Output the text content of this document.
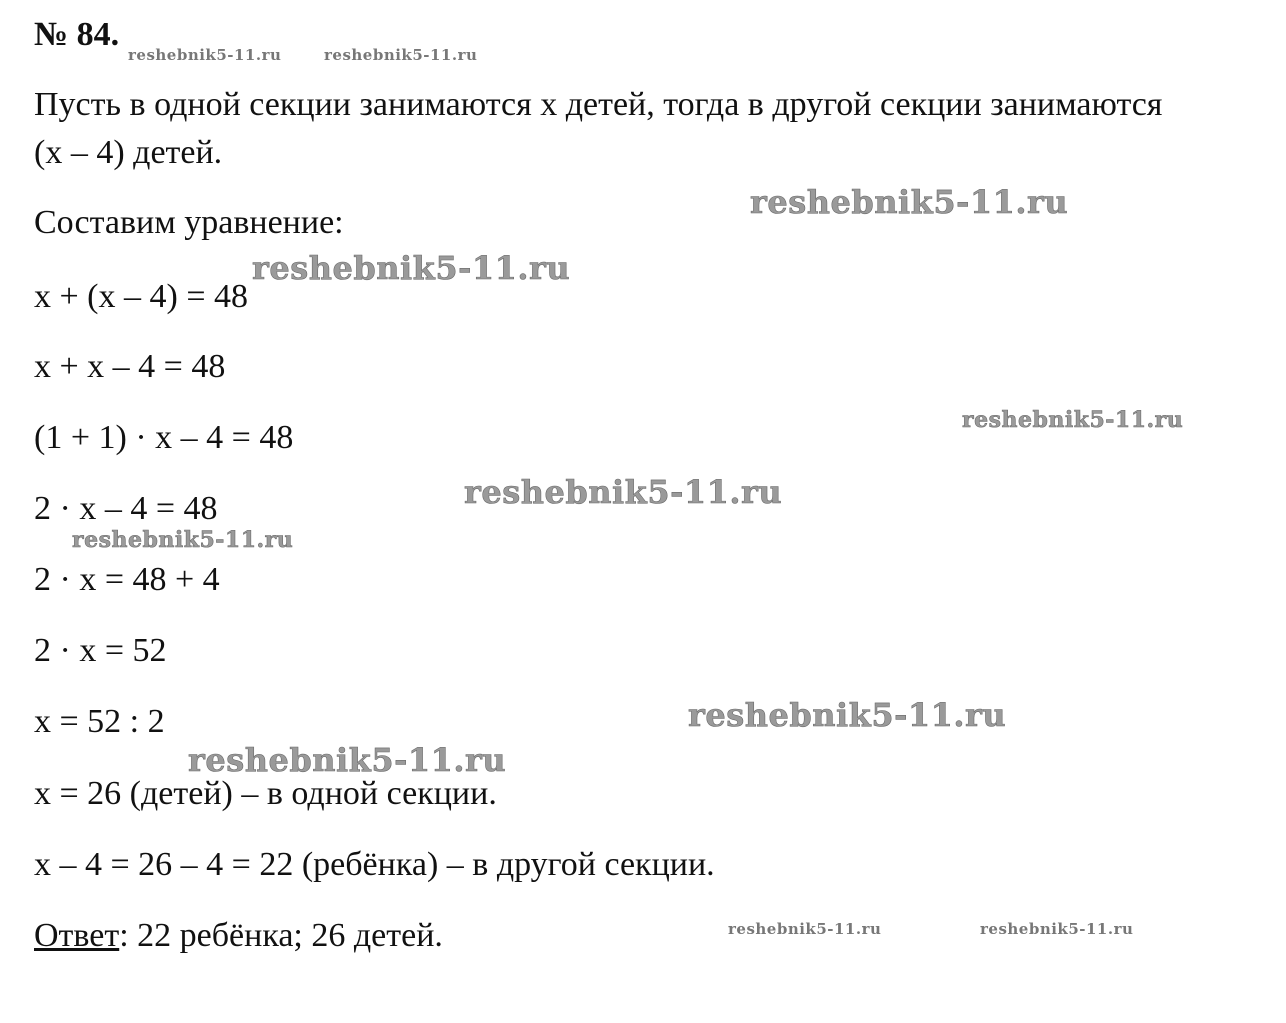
№ 84.
reshebnik5-11.ru	reshebnik5-11.ru
Пусть в одной секции занимаются x детей, тогда в другой секции занимаются
(x – 4) детей.
Составим уравнение:
reshebnik5-11.ru
reshebnik5-11.ru
x + (x – 4) = 48
x + x – 4 = 48
reshebnik5-11.ru
(1 + 1) · x – 4 = 48
reshebnik5-11.ru
2 · x – 4 = 48
reshebnik5-11.ru
2 · x = 48 + 4
2 · x = 52
reshebnik5-11.ru
x = 52 : 2
reshebnik5-11.ru
x = 26 (детей) – в одной секции.
x – 4 = 26 – 4 = 22 (ребёнка) – в другой секции.
Ответ: 22 ребёнка; 26 детей.	reshebnik5-11.ru	reshebnik5-11.ru
